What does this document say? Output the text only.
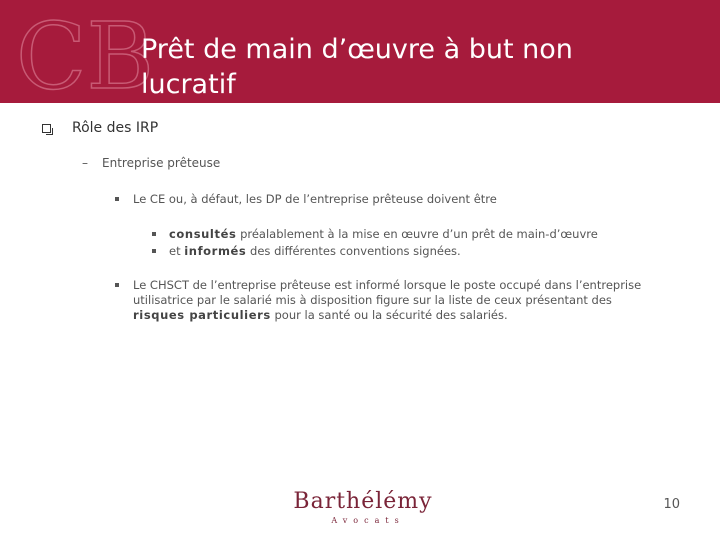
CB
Prêt de main d’œuvre à but non lucratif
Rôle des IRP
– Entreprise prêteuse
Le CE ou, à défaut, les DP de l’entreprise prêteuse doivent être
consultés préalablement à la mise en œuvre d’un prêt de main-d’œuvre
et informés des différentes conventions signées.
Le CHSCT de l’entreprise prêteuse est informé lorsque le poste occupé dans l’entreprise
utilisatrice par le salarié mis à disposition figure sur la liste de ceux présentant des
risques particuliers pour la santé ou la sécurité des salariés.
Barthélémy
Avocats
10
